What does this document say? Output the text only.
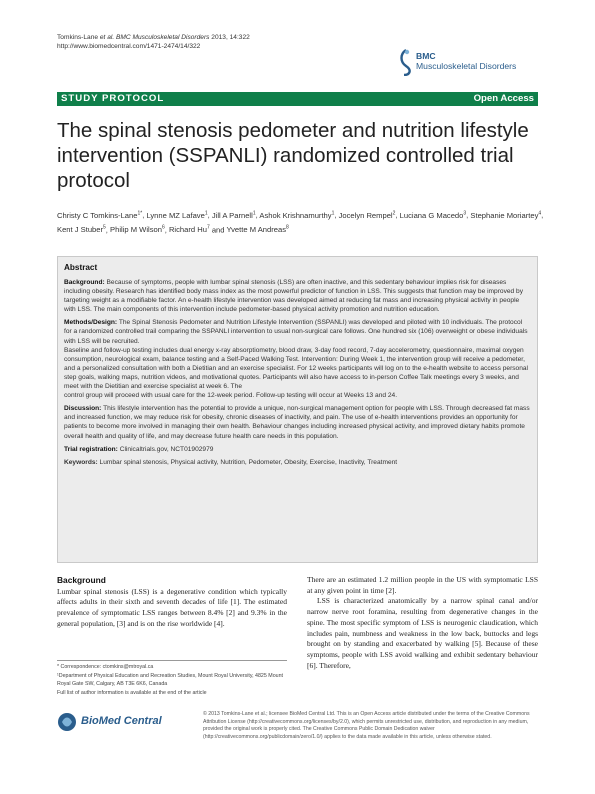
Tomkins-Lane et al. BMC Musculoskeletal Disorders 2013, 14:322
http://www.biomedcentral.com/1471-2474/14/322
BMC
Musculoskeletal Disorders
STUDY PROTOCOL	Open Access
The spinal stenosis pedometer and nutrition lifestyle intervention (SSPANLI) randomized controlled trial protocol
Christy C Tomkins-Lane$^{1*}$, Lynne MZ Lafave$^1$, Jill A Parnell$^1$, Ashok Krishnamurthy$^1$, Jocelyn Rempel$^2$, Luciana G Macedo$^3$, Stephanie Moriartey$^4$, Kent J Stuber$^5$, Philip M Wilson$^6$, Richard Hu$^7$ and Yvette M Andreas$^8$
Abstract

Background: Because of symptoms, people with lumbar spinal stenosis (LSS) are often inactive, and this sedentary behaviour implies risk for diseases including obesity. Research has identified body mass index as the most powerful predictor of function in LSS. This suggests that function may be improved by targeting weight as a modifiable factor. An e-health lifestyle intervention was developed aimed at reducing fat mass and increasing physical activity in people with LSS. The main components of this intervention include pedometer-based physical activity promotion and nutrition education.

Methods/Design: The Spinal Stenosis Pedometer and Nutrition Lifestyle Intervention (SSPANLI) was developed and piloted with 10 individuals. The protocol for a randomized controlled trail comparing the SSPANLI intervention to usual non-surgical care follows. One hundred six (106) overweight or obese individuals with LSS will be recruited.

Baseline and follow-up testing includes dual energy x-ray absorptiometry, blood draw, 3-day food record, 7-day accelerometry, questionnaire, maximal oxygen consumption, neurological exam, balance testing and a Self-Paced Walking Test. Intervention: During Week 1, the intervention group will receive a pedometer, and a personalized consultation with both a Dietitian and an exercise specialist. For 12 weeks participants will log on to the e-health website to access personal step goals, walking maps, nutrition videos, and motivational quotes. Participants will also have access to in-person Coffee Talk meetings every 3 weeks, and meet with the Dietitian and exercise specialist at week 6. The

control group will proceed with usual care for the 12-week period. Follow-up testing will occur at Weeks 13 and 24.

Discussion: This lifestyle intervention has the potential to provide a unique, non-surgical management option for people with LSS. Through decreased fat mass and increased function, we may reduce risk for obesity, chronic diseases of inactivity, and pain. The use of e-health interventions provides an opportunity for patients to become more involved in managing their own health. Behaviour changes including increased physical activity, and improved dietary habits promote overall health and quality of life, and may decrease future health care needs in this population.

Trial registration: Clinicaltrials.gov, NCT01902979

Keywords: Lumbar spinal stenosis, Physical activity, Nutrition, Pedometer, Obesity, Exercise, Inactivity, Treatment
Background

Lumbar spinal stenosis (LSS) is a degenerative condition which typically affects adults in their sixth and seventh decades of life [1]. The estimated prevalence of symptomatic LSS ranges between 8.4% [2] and 9.3% in the general population, [3] and is on the rise worldwide [4].

There are an estimated 1.2 million people in the US with symptomatic LSS at any given point in time [2].

LSS is characterized anatomically by a narrow spinal canal and/or narrow nerve root foramina, resulting from degenerative changes in the spine. The most specific symptom of LSS is neurogenic claudication, which includes pain, numbness and weakness in the low back, buttocks and legs brought on by standing and exacerbated by walking [5]. Because of these symptoms, people with LSS avoid walking and exhibit sedentary behaviour [6]. Therefore,

* Correspondence: ctomkins@mtroyal.ca

¹Department of Physical Education and Recreation Studies, Mount Royal University, 4825 Mount Royal Gate SW, Calgary, AB T3E 6K6, Canada

Full list of author information is available at the end of the article

BioMed Central
© 2013 Tomkins-Lane et al.; licensee BioMed Central Ltd. This is an Open Access article distributed under the terms of the Creative Commons Attribution License (http://creativecommons.org/licenses/by/2.0), which permits unrestricted use, distribution, and reproduction in any medium, provided the original work is properly cited. The Creative Commons Public Domain Dedication waiver (http://creativecommons.org/publicdomain/zero/1.0/) applies to the data made available in this article, unless otherwise stated.
